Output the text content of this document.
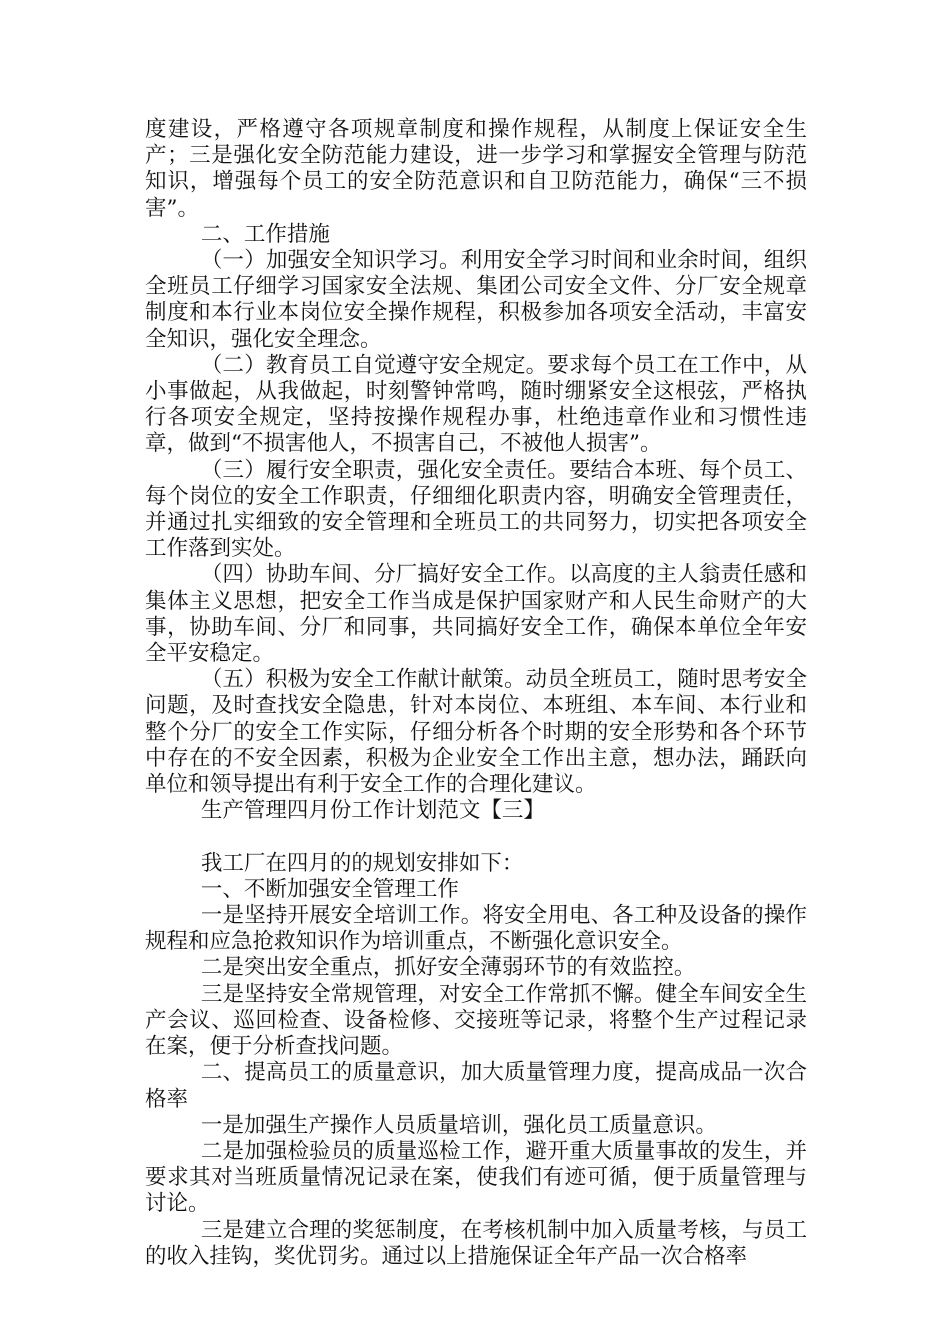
度建设，严格遵守各项规章制度和操作规程，从制度上保证安全生产；三是强化安全防范能力建设，进一步学习和掌握安全管理与防范知识，增强每个员工的安全防范意识和自卫防范能力，确保“三不损害”。

二、工作措施

（一）加强安全知识学习。利用安全学习时间和业余时间，组织全班员工仔细学习国家安全法规、集团公司安全文件、分厂安全规章制度和本行业本岗位安全操作规程，积极参加各项安全活动，丰富安全知识，强化安全理念。

（二）教育员工自觉遵守安全规定。要求每个员工在工作中，从小事做起，从我做起，时刻警钟常鸣，随时绷紧安全这根弦，严格执行各项安全规定，坚持按操作规程办事，杜绝违章作业和习惯性违章，做到“不损害他人，不损害自己，不被他人损害”。

（三）履行安全职责，强化安全责任。要结合本班、每个员工、每个岗位的安全工作职责，仔细细化职责内容，明确安全管理责任，并通过扎实细致的安全管理和全班员工的共同努力，切实把各项安全工作落到实处。

（四）协助车间、分厂搞好安全工作。以高度的主人翁责任感和集体主义思想，把安全工作当成是保护国家财产和人民生命财产的大事，协助车间、分厂和同事，共同搞好安全工作，确保本单位全年安全平安稳定。

（五）积极为安全工作献计献策。动员全班员工，随时思考安全问题，及时查找安全隐患，针对本岗位、本班组、本车间、本行业和整个分厂的安全工作实际，仔细分析各个时期的安全形势和各个环节中存在的不安全因素，积极为企业安全工作出主意，想办法，踊跃向单位和领导提出有利于安全工作的合理化建议。

生产管理四月份工作计划范文【三】

我工厂在四月的的规划安排如下：

一、不断加强安全管理工作

一是坚持开展安全培训工作。将安全用电、各工种及设备的操作规程和应急抢救知识作为培训重点，不断强化意识安全。

二是突出安全重点，抓好安全薄弱环节的有效监控。

三是坚持安全常规管理，对安全工作常抓不懈。健全车间安全生产会议、巡回检查、设备检修、交接班等记录，将整个生产过程记录在案，便于分析查找问题。

二、提高员工的质量意识，加大质量管理力度，提高成品一次合格率

一是加强生产操作人员质量培训，强化员工质量意识。

二是加强检验员的质量巡检工作，避开重大质量事故的发生，并要求其对当班质量情况记录在案，使我们有迹可循，便于质量管理与讨论。

三是建立合理的奖惩制度，在考核机制中加入质量考核，与员工的收入挂钩，奖优罚劣。通过以上措施保证全年产品一次合格率
